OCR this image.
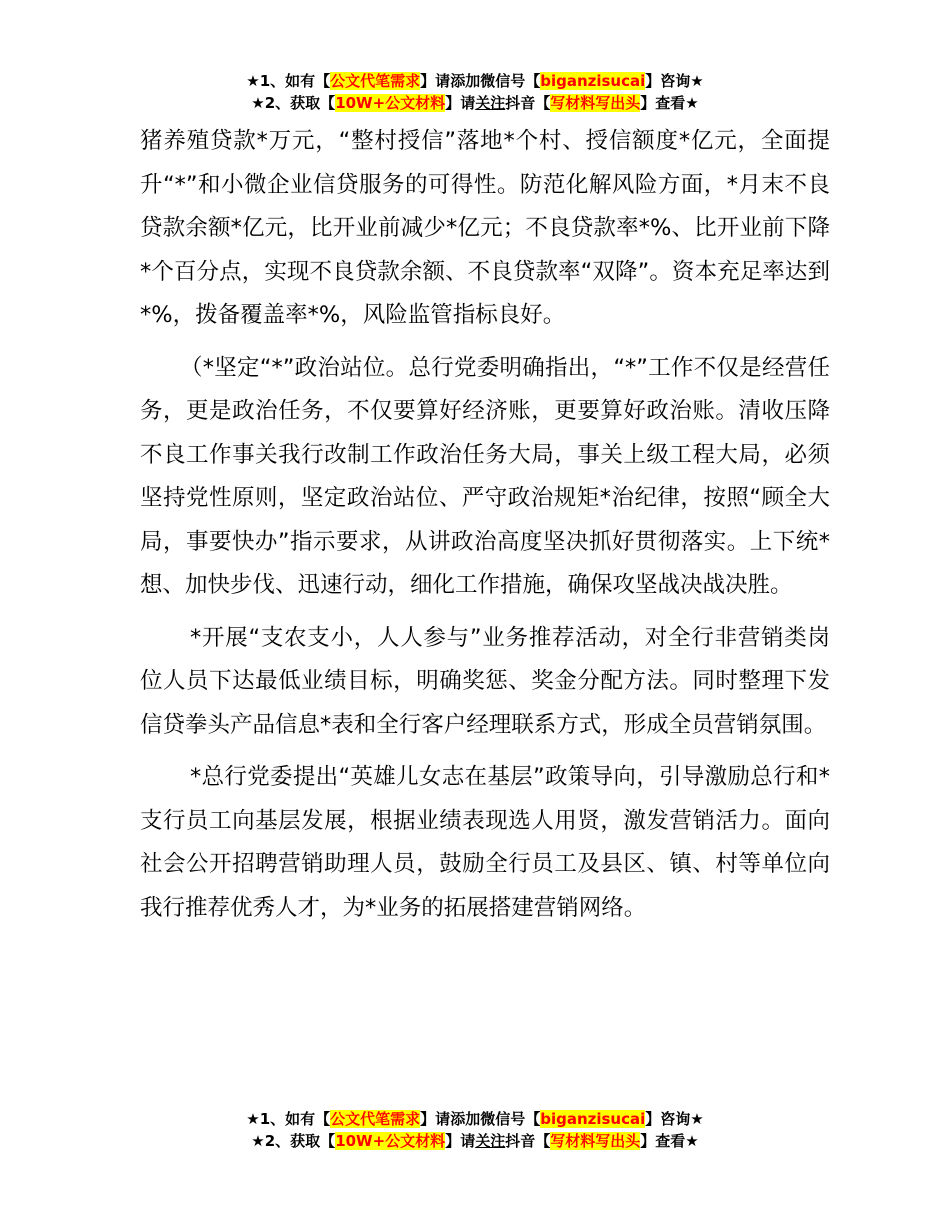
★1、如有【公文代笔需求】请添加微信号【biganzisucai】咨询★
★2、获取【10W+公文材料】请关注抖音【写材料写出头】查看★

猪养殖贷款*万元，“整村授信”落地*个村、授信额度*亿元，全面提升“*”和小微企业信贷服务的可得性。防范化解风险方面，*月末不良贷款余额*亿元，比开业前减少*亿元；不良贷款率*%、比开业前下降*个百分点，实现不良贷款余额、不良贷款率“双降”。资本充足率达到*%，拨备覆盖率*%，风险监管指标良好。

（*坚定“*”政治站位。总行党委明确指出，“*”工作不仅是经营任务，更是政治任务，不仅要算好经济账，更要算好政治账。清收压降不良工作事关我行改制工作政治任务大局，事关上级工程大局，必须坚持党性原则，坚定政治站位、严守政治规矩*治纪律，按照“顾全大局，事要快办”指示要求，从讲政治高度坚决抓好贯彻落实。上下统*想、加快步伐、迅速行动，细化工作措施，确保攻坚战决战决胜。

*开展“支农支小，人人参与”业务推荐活动，对全行非营销类岗位人员下达最低业绩目标，明确奖惩、奖金分配方法。同时整理下发信贷拳头产品信息*表和全行客户经理联系方式，形成全员营销氛围。

*总行党委提出“英雄儿女志在基层”政策导向，引导激励总行和*支行员工向基层发展，根据业绩表现选人用贤，激发营销活力。面向社会公开招聘营销助理人员，鼓励全行员工及县区、镇、村等单位向我行推荐优秀人才，为*业务的拓展搭建营销网络。

★1、如有【公文代笔需求】请添加微信号【biganzisucai】咨询★
★2、获取【10W+公文材料】请关注抖音【写材料写出头】查看★
